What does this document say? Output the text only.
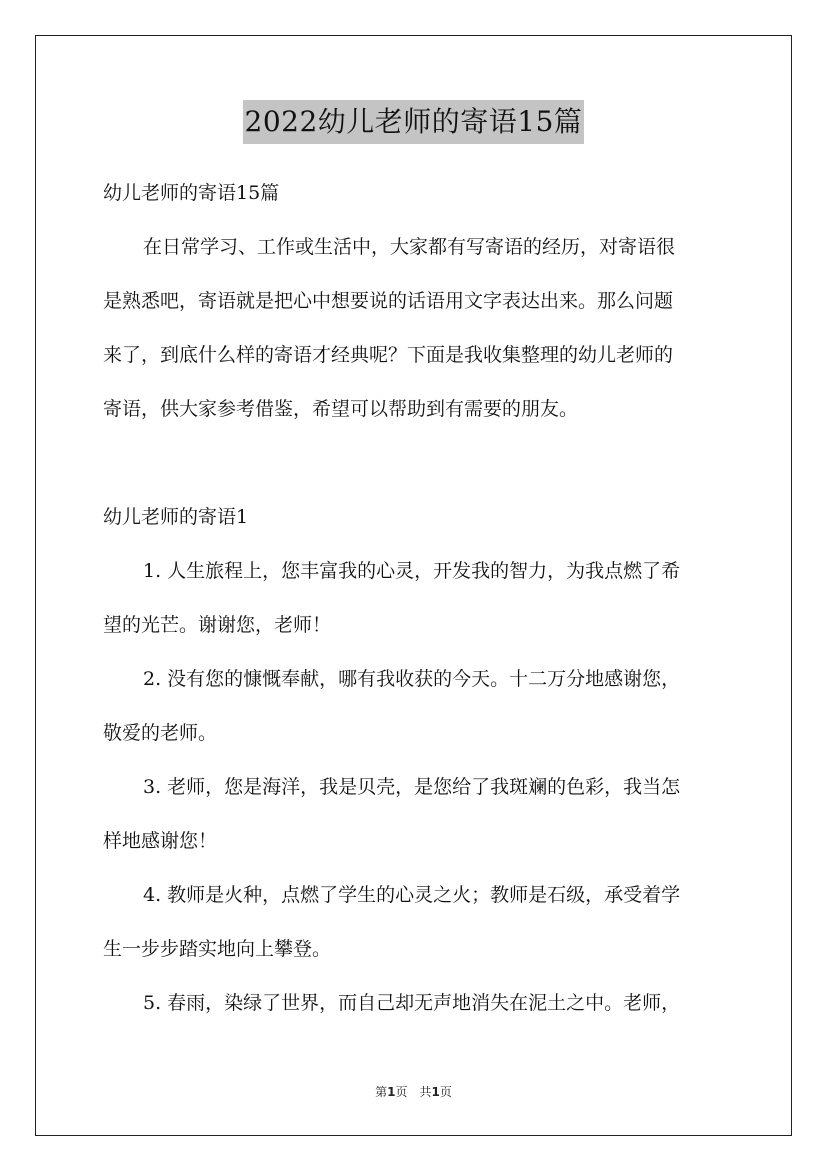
2022幼儿老师的寄语15篇

幼儿老师的寄语15篇

在日常学习、工作或生活中，大家都有写寄语的经历，对寄语很

是熟悉吧，寄语就是把心中想要说的话语用文字表达出来。那么问题

来了，到底什么样的寄语才经典呢？下面是我收集整理的幼儿老师的

寄语，供大家参考借鉴，希望可以帮助到有需要的朋友。

幼儿老师的寄语1

1. 人生旅程上，您丰富我的心灵，开发我的智力，为我点燃了希

望的光芒。谢谢您，老师！

2. 没有您的慷慨奉献，哪有我收获的今天。十二万分地感谢您，

敬爱的老师。

3. 老师，您是海洋，我是贝壳，是您给了我斑斓的色彩，我当怎

样地感谢您！

4. 教师是火种，点燃了学生的心灵之火；教师是石级，承受着学

生一步步踏实地向上攀登。

5. 春雨，染绿了世界，而自己却无声地消失在泥土之中。老师，

第1页 共1页
